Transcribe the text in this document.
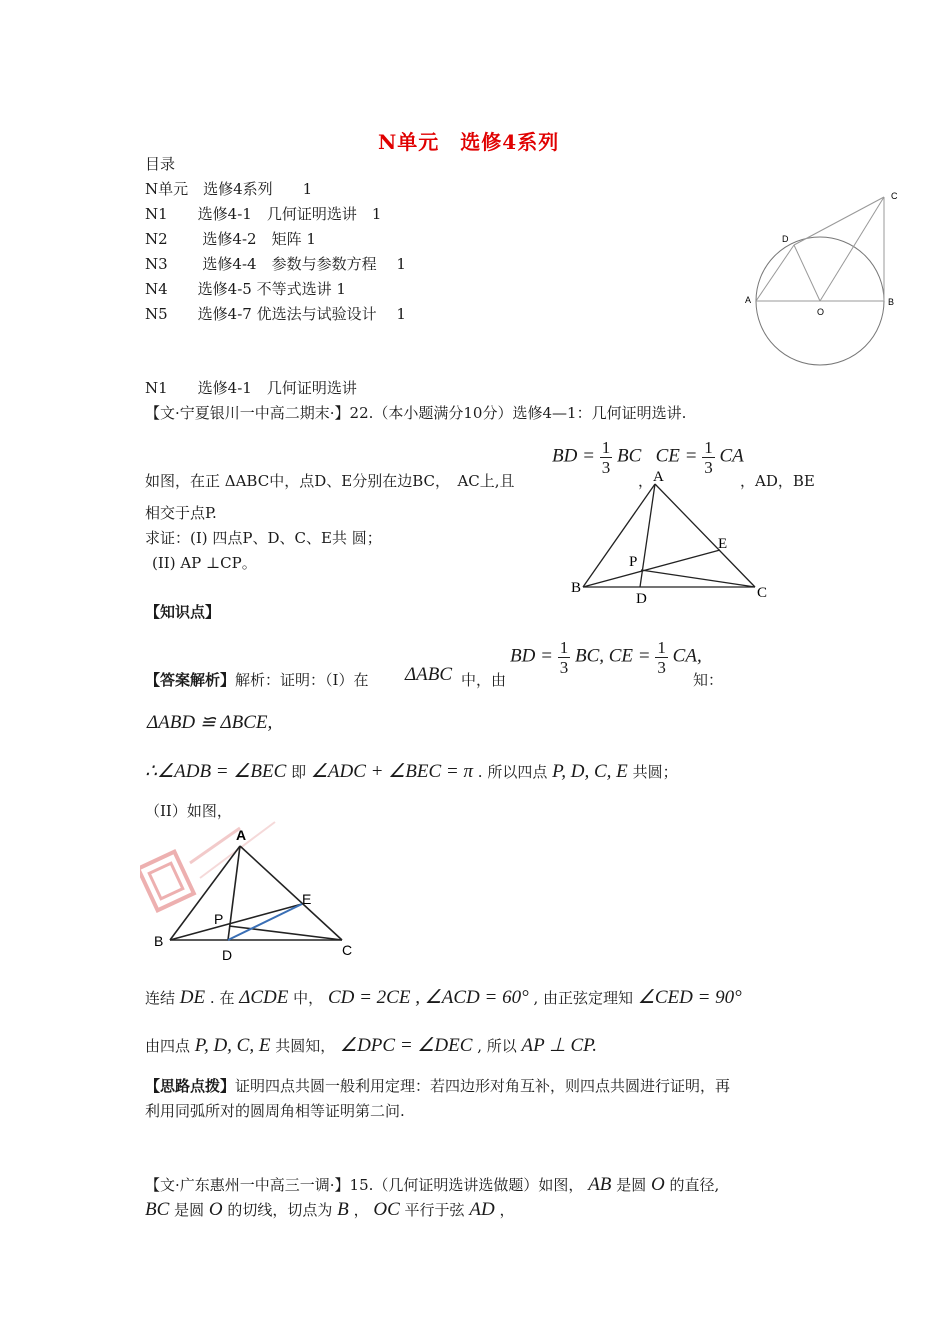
N单元　选修4系列
目录
N单元　选修4系列　　1
N1　　选修4-1　几何证明选讲　1
N2　　 选修4-2　矩阵 1
N3　　 选修4-4　参数与参数方程　 1
N4　　选修4-5 不等式选讲 1
N5　　选修4-7 优选法与试验设计　 1
A	B
C
D
O
N1　　选修4-1　几何证明选讲
【文·宁夏银川一中高二期末·】22.（本小题满分10分）选修4—1：几何证明选讲.
BD = $\frac{1}{3}$ BC CE = $\frac{1}{3}$ CA
如图，在正 ΔABC中，点D、E分别在边BC，　AC上,且	，	，AD，BE
相交于点P.
求证：(I) 四点P、D、C、E共 圆；
(II) AP ⊥CP。
A
B	C
D
E
P
【知识点】
【答案解析】解析：证明：（I）在 ΔABC 中，由
BD = $\frac{1}{3}$ BC, CE = $\frac{1}{3}$ CA,
知：
ΔABD ≌ ΔBCE,
∴∠ADB = ∠BEC 即 ∠ADC + ∠BEC = π . 所以四点 P, D, C, E 共圆；
（II）如图，
A
B
C
D
E
P
连结 DE . 在 ΔCDE 中， CD = 2CE , ∠ACD = 60° , 由正弦定理知 ∠CED = 90°
由四点 P, D, C, E 共圆知， ∠DPC = ∠DEC , 所以 AP ⊥ CP.
【思路点拨】证明四点共圆一般利用定理：若四边形对角互补，则四点共圆进行证明，再
利用同弧所对的圆周角相等证明第二问.
【文·广东惠州一中高三一调·】15.（几何证明选讲选做题）如图， AB 是圆 O 的直径,
BC 是圆 O 的切线，切点为 B ， OC 平行于弦 AD ，
